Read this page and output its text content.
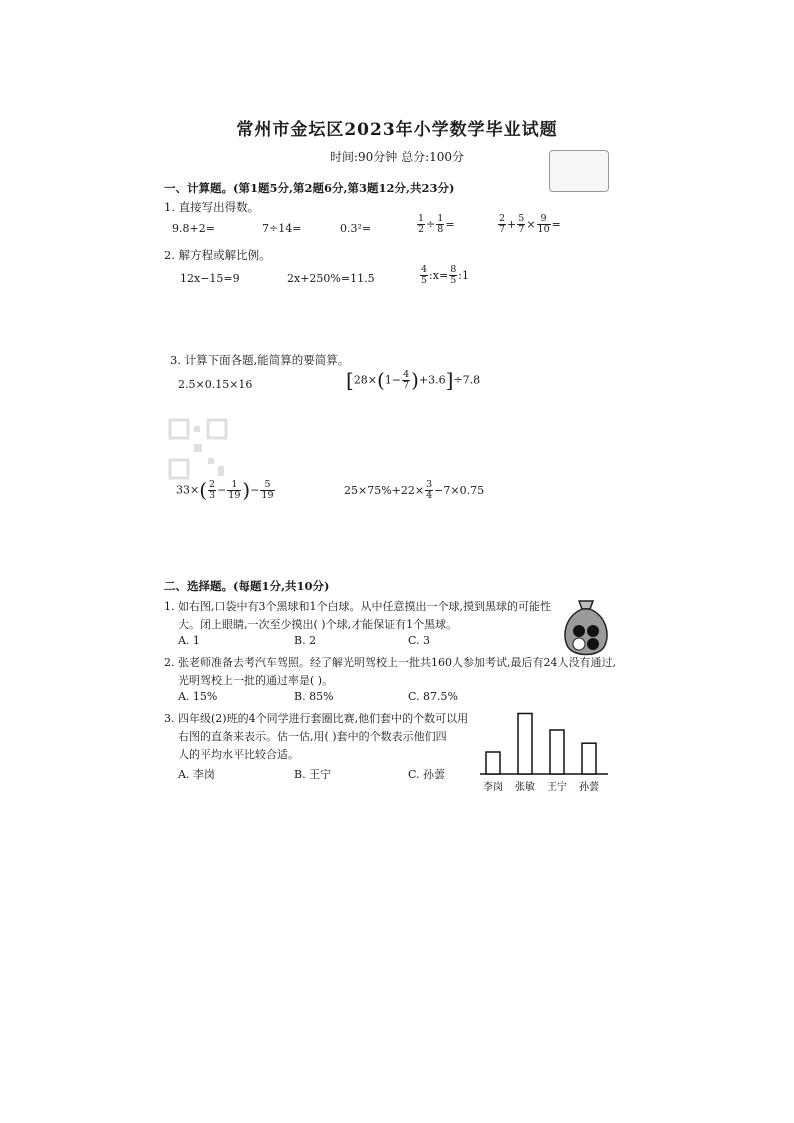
常州市金坛区2023年小学数学毕业试题
时间:90分钟 总分:100分
一、计算题。(第1题5分,第2题6分,第3题12分,共23分)
1. 直接写出得数。
9.8+2=	7÷14=	0.3²=	$\frac{1}{2} \div \frac{1}{8}$ =	$\frac{2}{7} + \frac{5}{7} \times \frac{9}{10}$ =
2. 解方程或解比例。
12x−15=9	2x+250%=11.5	$\frac{4}{5}$ :x= $\frac{8}{5}$ :1
3. 计算下面各题,能简算的要简算。
2.5×0.15×16	$[28\times(1- \frac{4}{7} )+3.6]\div 7.8$
$33\times( \frac{2}{3} - \frac{1}{19}$ )− $\frac{5}{19}$	$25\times 75\%+22\times \frac{3}{4} -7\times 0.75$
二、选择题。(每题1分,共10分)
1. 如右图,口袋中有3个黑球和1个白球。从中任意摸出一个球,摸到黑球的可能性
大。闭上眼睛,一次至少摸出( )个球,才能保证有1个黑球。
A. 1	B. 2	C. 3
2. 张老师准备去考汽车驾照。经了解光明驾校上一批共160人参加考试,最后有24人没有通过,
光明驾校上一批的通过率是( )。
A. 15%	B. 85%	C. 87.5%
3. 四年级(2)班的4个同学进行套圈比赛,他们套中的个数可以用
右图的直条来表示。估一估,用( )套中的个数表示他们四
人的平均水平比较合适。
A. 李岗	B. 王宁	C. 孙蕓
李岗 张敏 王宁 孙蕓
